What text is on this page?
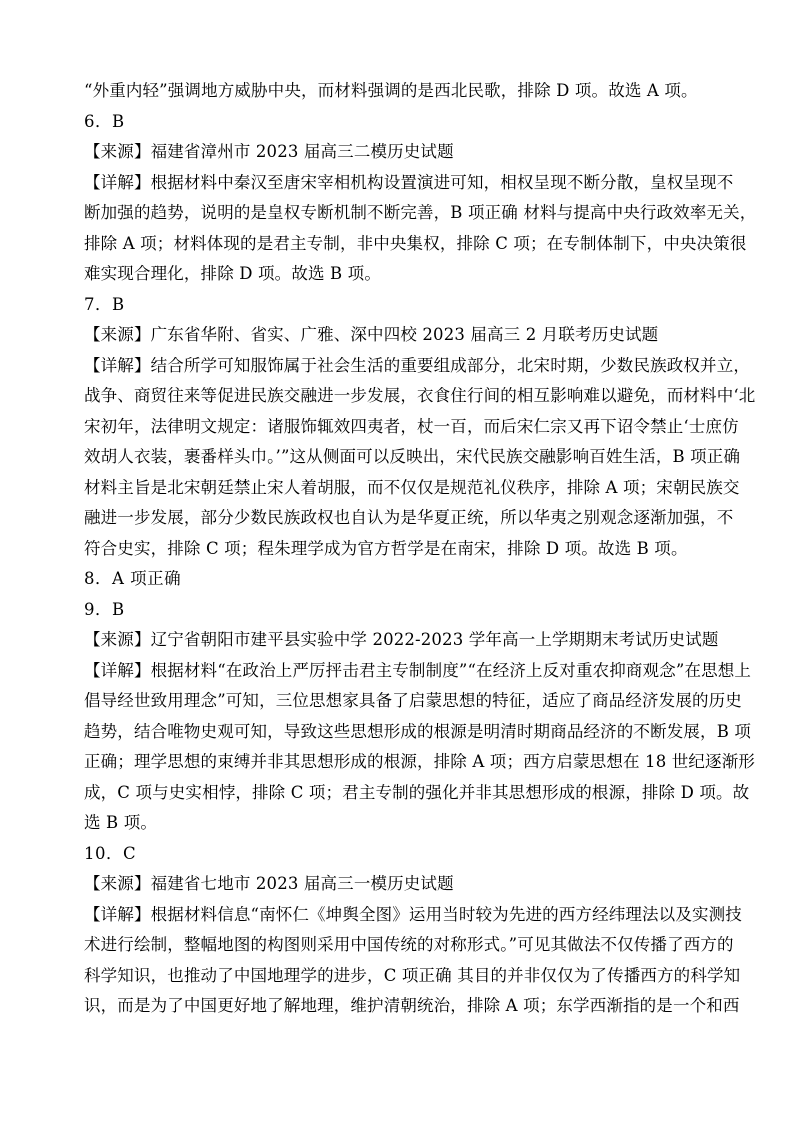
“外重内轻”强调地方威胁中央，而材料强调的是西北民歌，排除 D 项。故选 A 项。
6．B
【来源】福建省漳州市 2023 届高三二模历史试题
【详解】根据材料中秦汉至唐宋宰相机构设置演进可知，相权呈现不断分散，皇权呈现不
断加强的趋势，说明的是皇权专断机制不断完善，B 项正确 材料与提高中央行政效率无关，
排除 A 项；材料体现的是君主专制，非中央集权，排除 C 项；在专制体制下，中央决策很
难实现合理化，排除 D 项。故选 B 项。
7．B
【来源】广东省华附、省实、广雅、深中四校 2023 届高三 2 月联考历史试题
【详解】结合所学可知服饰属于社会生活的重要组成部分，北宋时期，少数民族政权并立，
战争、商贸往来等促进民族交融进一步发展，衣食住行间的相互影响难以避免，而材料中‘北
宋初年，法律明文规定：诸服饰辄效四夷者，杖一百，而后宋仁宗又再下诏令禁止‘士庶仿
效胡人衣装，裹番样头巾。’”这从侧面可以反映出，宋代民族交融影响百姓生活，B 项正确
材料主旨是北宋朝廷禁止宋人着胡服，而不仅仅是规范礼仪秩序，排除 A 项；宋朝民族交
融进一步发展，部分少数民族政权也自认为是华夏正统，所以华夷之别观念逐渐加强，不
符合史实，排除 C 项；程朱理学成为官方哲学是在南宋，排除 D 项。故选 B 项。
8．A 项正确
9．B
【来源】辽宁省朝阳市建平县实验中学 2022-2023 学年高一上学期期末考试历史试题
【详解】根据材料“在政治上严厉抨击君主专制制度”“在经济上反对重农抑商观念”在思想上
倡导经世致用理念”可知，三位思想家具备了启蒙思想的特征，适应了商品经济发展的历史
趋势，结合唯物史观可知，导致这些思想形成的根源是明清时期商品经济的不断发展，B 项
正确；理学思想的束缚并非其思想形成的根源，排除 A 项；西方启蒙思想在 18 世纪逐渐形
成，C 项与史实相悖，排除 C 项；君主专制的强化并非其思想形成的根源，排除 D 项。故
选 B 项。
10．C
【来源】福建省七地市 2023 届高三一模历史试题
【详解】根据材料信息“南怀仁《坤舆全图》运用当时较为先进的西方经纬理法以及实测技
术进行绘制，整幅地图的构图则采用中国传统的对称形式。”可见其做法不仅传播了西方的
科学知识，也推动了中国地理学的进步，C 项正确 其目的并非仅仅为了传播西方的科学知
识，而是为了中国更好地了解地理，维护清朝统治，排除 A 项；东学西渐指的是一个和西
